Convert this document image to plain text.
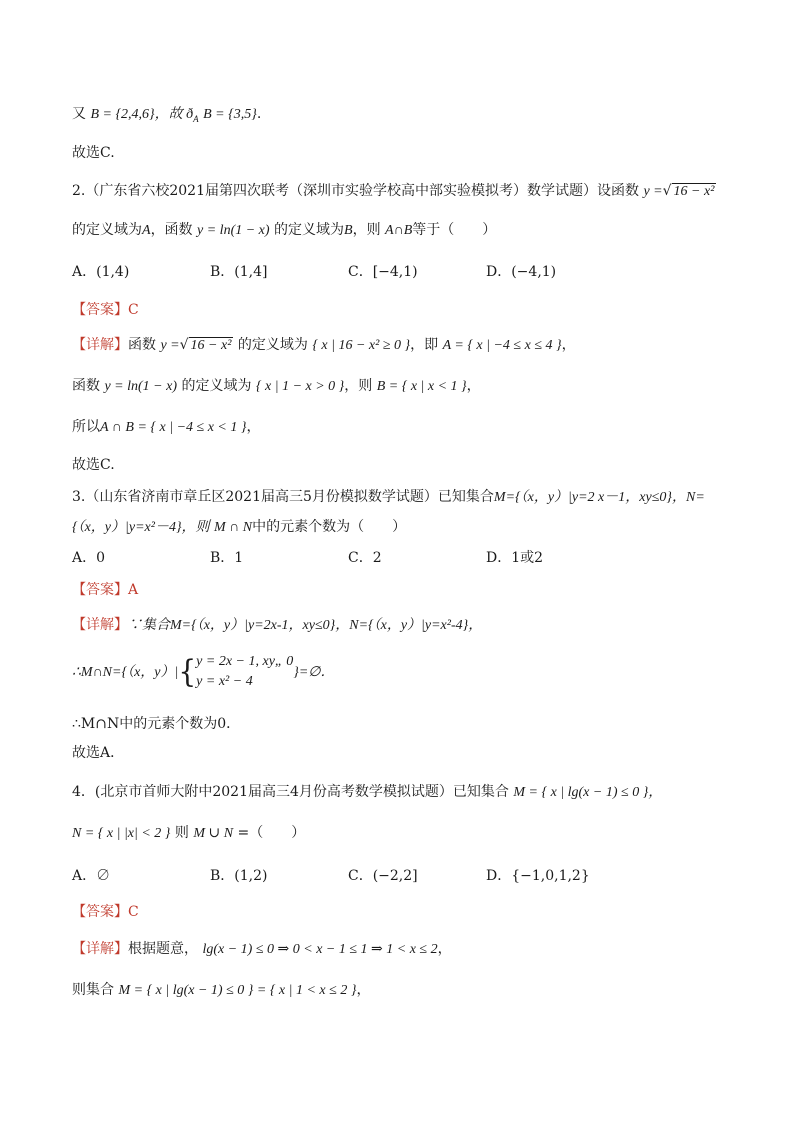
又 B = {2,4,6}，故 $ð_A$ B = {3,5}.
故选C.
2.（广东省六校2021届第四次联考（深圳市实验学校高中部实验模拟考）数学试题）设函数 y =√ 16 − x²
的定义域为A，函数 y = ln(1 − x) 的定义域为B，则 A∩B等于（　　）
A．(1,4)	B．(1,4]	C．[−4,1)	D．(−4,1)
【答案】C
【详解】函数 y =√ 16 − x² 的定义域为 { x | 16 − x² ≥ 0 }，即 A = { x | −4 ≤ x ≤ 4 }，
函数 y = ln(1 − x) 的定义域为 { x | 1 − x > 0 }，则 B = { x | x < 1 }，
所以A ∩ B = { x | −4 ≤ x < 1 }，
故选C.
3.（山东省济南市章丘区2021届高三5月份模拟数学试题）已知集合M={（x，y）|y=2 x－1，xy≤0}，N=
{（x，y）|y=x²－4}，则 M ∩ N中的元素个数为（　　）
A．0	B．1	C．2	D．1或2
【答案】A
【详解】∵集合M={（x，y）|y=2x-1，xy≤0}，N={（x，y）|y=x²-4}，
∴M∩N={（x，y）|{ y = 2x − 1, xy„ 0
y = x² − 4
}=∅．
∴M∩N中的元素个数为0．
故选A．
4．(北京市首师大附中2021届高三4月份高考数学模拟试题）已知集合 M = { x | lg(x − 1) ≤ 0 }，
N = { x | |x| < 2 } 则 M ∪ N =（　　）
A．∅	B．(1,2)	C．(−2,2]	D．{−1,0,1,2}
【答案】C
【详解】根据题意， lg(x − 1) ≤ 0 ⇒ 0 < x − 1 ≤ 1 ⇒ 1 < x ≤ 2，
则集合 M = { x | lg(x − 1) ≤ 0 } = { x | 1 < x ≤ 2 }，
